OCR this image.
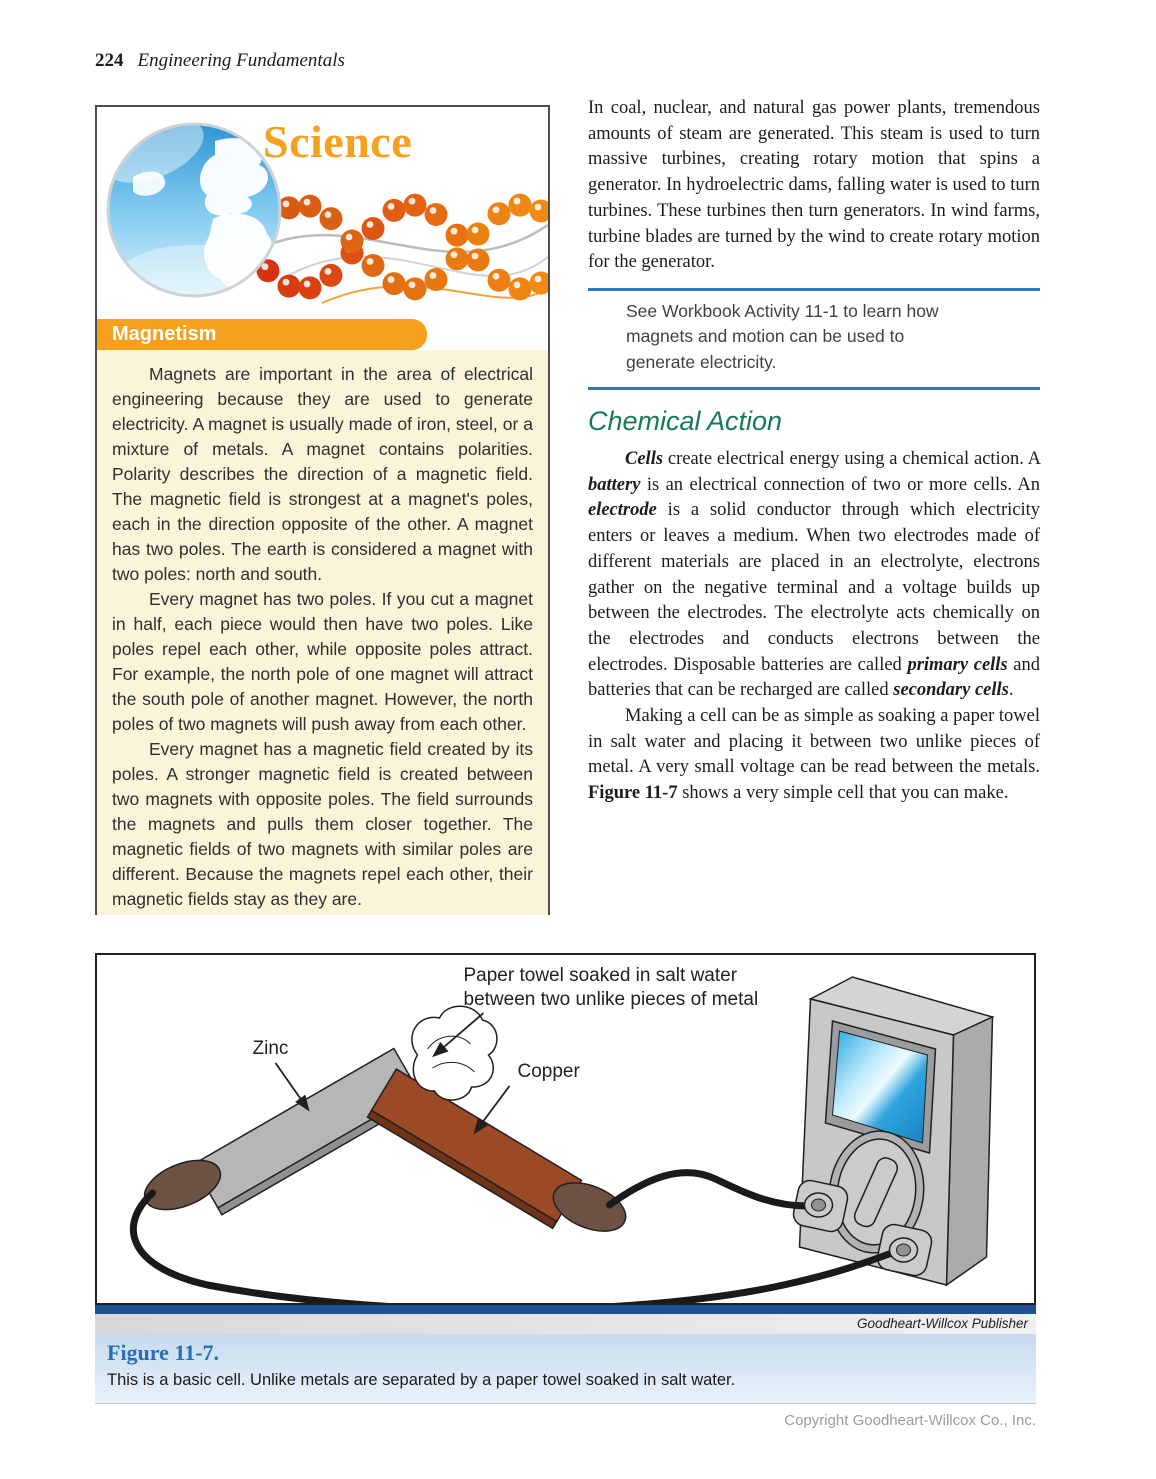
224 Engineering Fundamentals
Science
Magnetism

Magnets are important in the area of electrical engineering because they are used to generate electricity. A magnet is usually made of iron, steel, or a mixture of metals. A magnet contains polarities. Polarity describes the direction of a magnetic field. The magnetic field is strongest at a magnet's poles, each in the direction opposite of the other. A magnet has two poles. The earth is considered a magnet with two poles: north and south.

Every magnet has two poles. If you cut a magnet in half, each piece would then have two poles. Like poles repel each other, while opposite poles attract. For example, the north pole of one magnet will attract the south pole of another magnet. However, the north poles of two magnets will push away from each other.

Every magnet has a magnetic field created by its poles. A stronger magnetic field is created between two magnets with opposite poles. The field surrounds the magnets and pulls them closer together. The magnetic fields of two magnets with similar poles are different. Because the magnets repel each other, their magnetic fields stay as they are.

In coal, nuclear, and natural gas power plants, tremendous amounts of steam are generated. This steam is used to turn massive turbines, creating rotary motion that spins a generator. In hydroelectric dams, falling water is used to turn turbines. These turbines then turn generators. In wind farms, turbine blades are turned by the wind to create rotary motion for the generator.

See Workbook Activity 11-1 to learn how magnets and motion can be used to generate electricity.

Chemical Action

Cells create electrical energy using a chemical action. A battery is an electrical connection of two or more cells. An electrode is a solid conductor through which electricity enters or leaves a medium. When two electrodes made of different materials are placed in an electrolyte, electrons gather on the negative terminal and a voltage builds up between the electrodes. The electrolyte acts chemically on the electrodes and conducts electrons between the electrodes. Disposable batteries are called primary cells and batteries that can be recharged are called secondary cells.

Making a cell can be as simple as soaking a paper towel in salt water and placing it between two unlike pieces of metal. A very small voltage can be read between the metals. Figure 11-7 shows a very simple cell that you can make.

Paper towel soaked in salt water
between two unlike pieces of metal
Zinc
Copper
Goodheart-Willcox Publisher
Figure 11-7.
This is a basic cell. Unlike metals are separated by a paper towel soaked in salt water.
Copyright Goodheart-Willcox Co., Inc.
